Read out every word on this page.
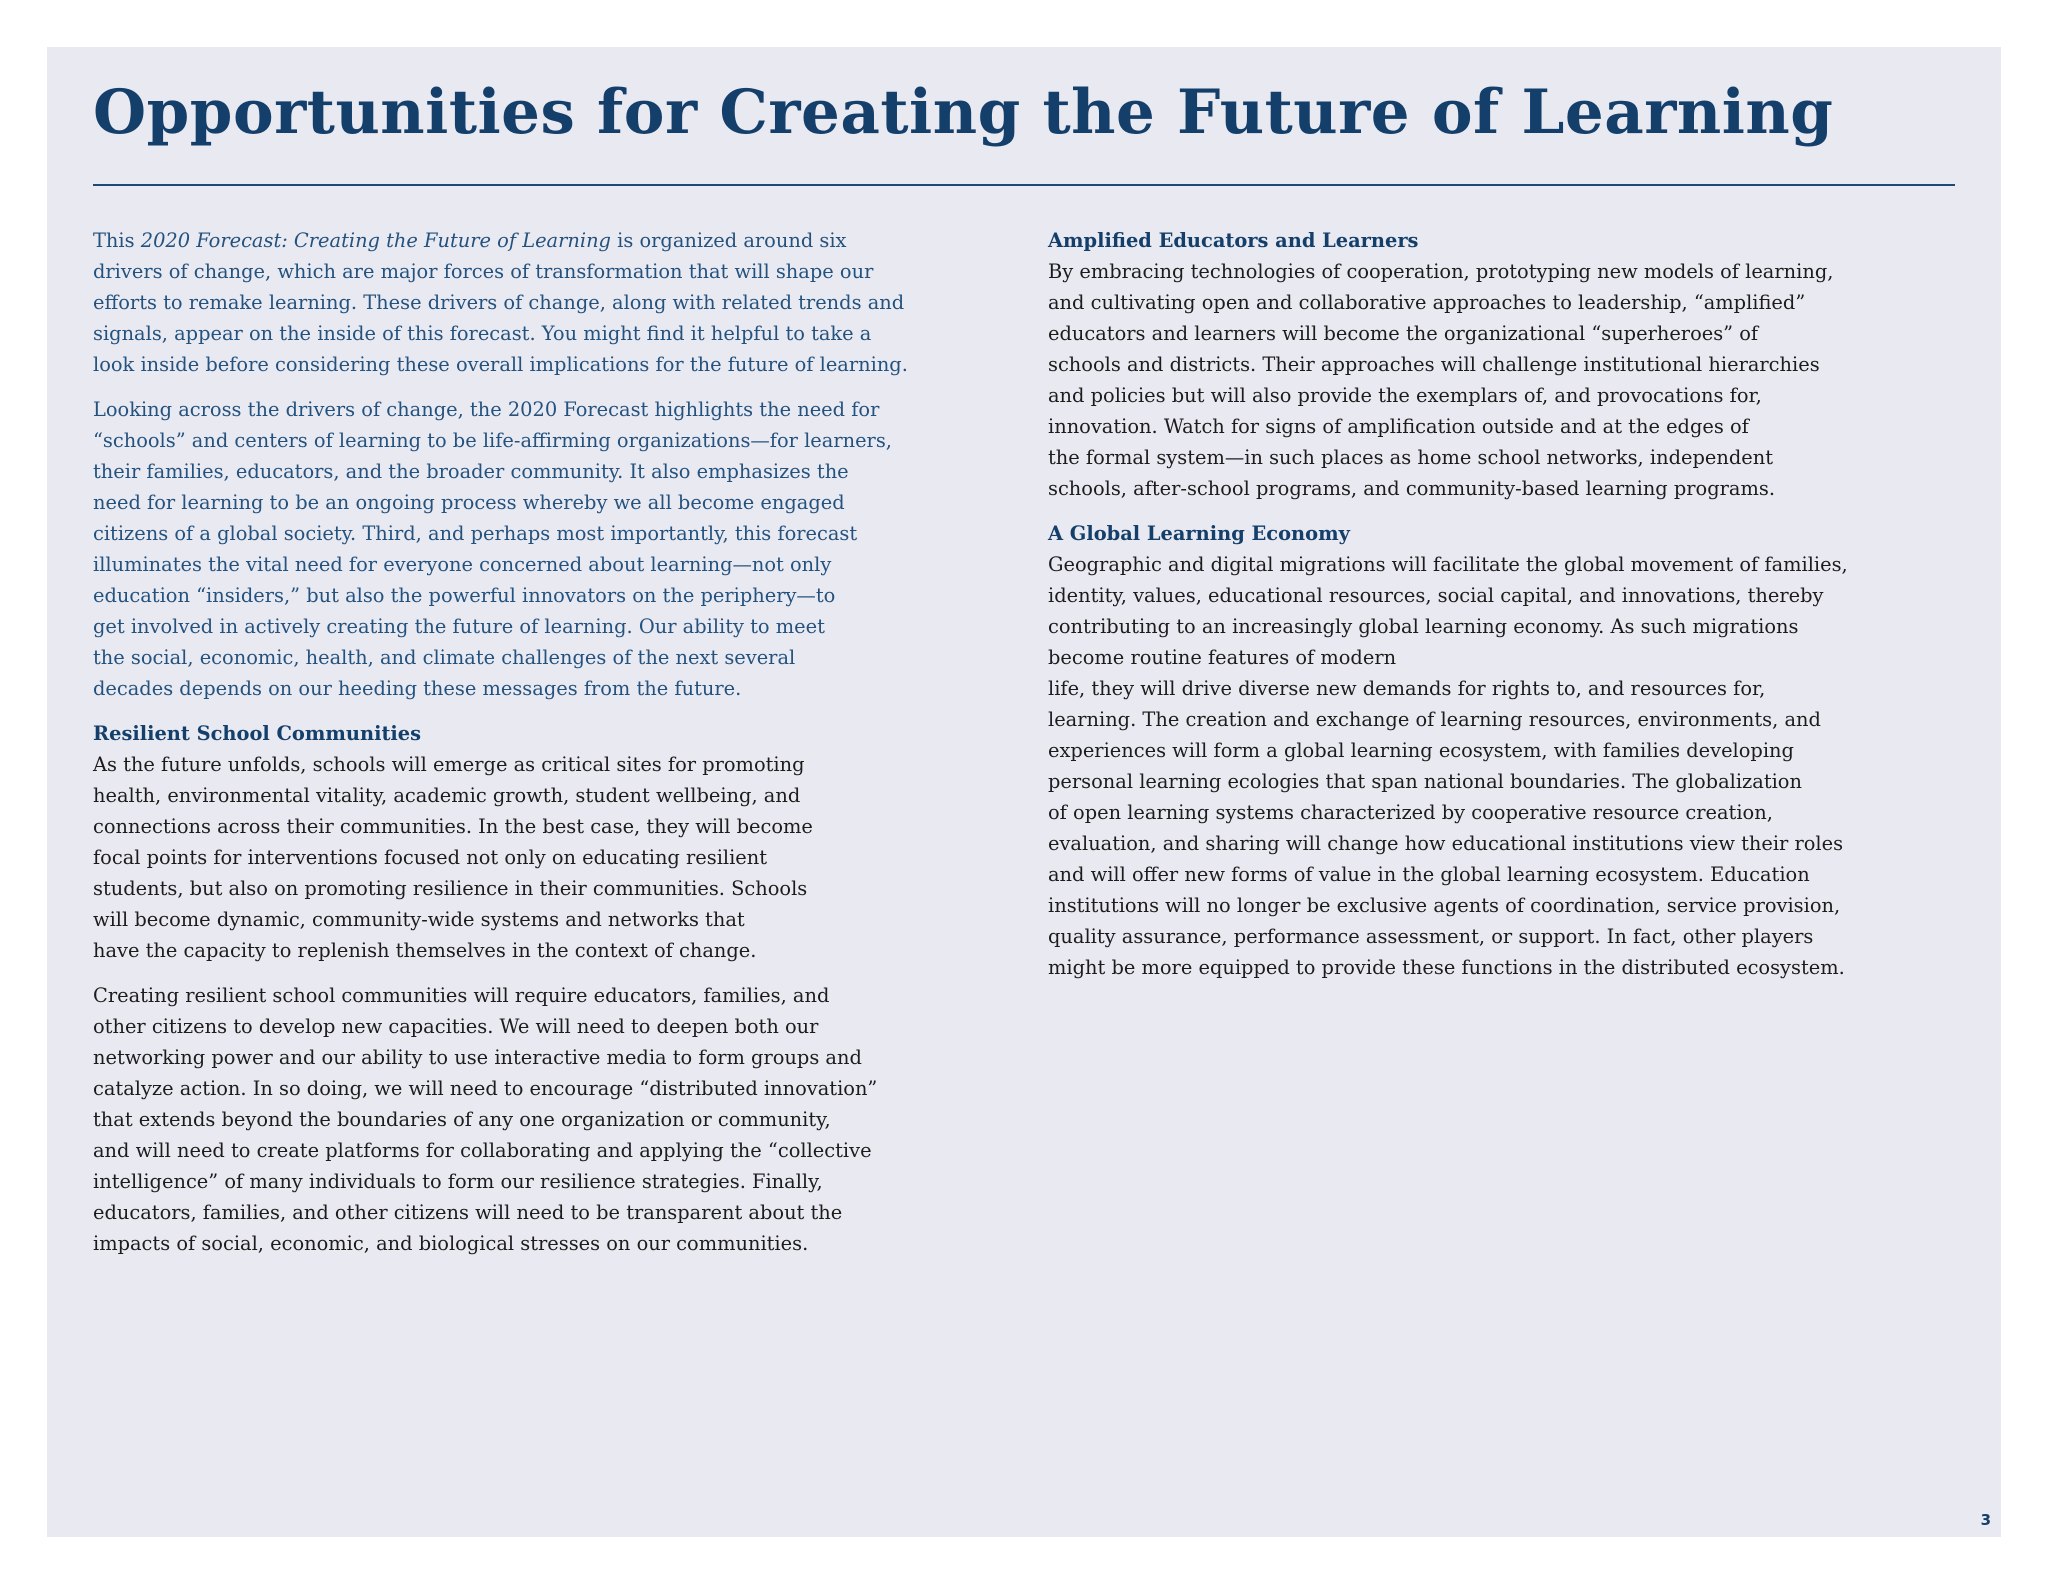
Opportunities for Creating the Future of Learning

This 2020 Forecast: Creating the Future of Learning is organized around six
drivers of change, which are major forces of transformation that will shape our
efforts to remake learning. These drivers of change, along with related trends and
signals, appear on the inside of this forecast. You might find it helpful to take a
look inside before considering these overall implications for the future of learning.

Looking across the drivers of change, the 2020 Forecast highlights the need for
“schools” and centers of learning to be life-affirming organizations—for learners,
their families, educators, and the broader community. It also emphasizes the
need for learning to be an ongoing process whereby we all become engaged
citizens of a global society. Third, and perhaps most importantly, this forecast
illuminates the vital need for everyone concerned about learning—not only
education “insiders,” but also the powerful innovators on the periphery—to
get involved in actively creating the future of learning. Our ability to meet
the social, economic, health, and climate challenges of the next several
decades depends on our heeding these messages from the future.

Resilient School Communities

As the future unfolds, schools will emerge as critical sites for promoting
health, environmental vitality, academic growth, student wellbeing, and
connections across their communities. In the best case, they will become
focal points for interventions focused not only on educating resilient
students, but also on promoting resilience in their communities. Schools
will become dynamic, community-wide systems and networks that
have the capacity to replenish themselves in the context of change.

Creating resilient school communities will require educators, families, and
other citizens to develop new capacities. We will need to deepen both our
networking power and our ability to use interactive media to form groups and
catalyze action. In so doing, we will need to encourage “distributed innovation”
that extends beyond the boundaries of any one organization or community,
and will need to create platforms for collaborating and applying the “collective
intelligence” of many individuals to form our resilience strategies. Finally,
educators, families, and other citizens will need to be transparent about the
impacts of social, economic, and biological stresses on our communities.

Amplified Educators and Learners

By embracing technologies of cooperation, prototyping new models of learning,
and cultivating open and collaborative approaches to leadership, “amplified”
educators and learners will become the organizational “superheroes” of
schools and districts. Their approaches will challenge institutional hierarchies
and policies but will also provide the exemplars of, and provocations for,
innovation. Watch for signs of amplification outside and at the edges of
the formal system—in such places as home school networks, independent
schools, after-school programs, and community-based learning programs.

A Global Learning Economy

Geographic and digital migrations will facilitate the global movement of families,
identity, values, educational resources, social capital, and innovations, thereby
contributing to an increasingly global learning economy. As such migrations
become routine features of modern
life, they will drive diverse new demands for rights to, and resources for,
learning. The creation and exchange of learning resources, environments, and
experiences will form a global learning ecosystem, with families developing
personal learning ecologies that span national boundaries. The globalization
of open learning systems characterized by cooperative resource creation,
evaluation, and sharing will change how educational institutions view their roles
and will offer new forms of value in the global learning ecosystem. Education
institutions will no longer be exclusive agents of coordination, service provision,
quality assurance, performance assessment, or support. In fact, other players
might be more equipped to provide these functions in the distributed ecosystem.

3
